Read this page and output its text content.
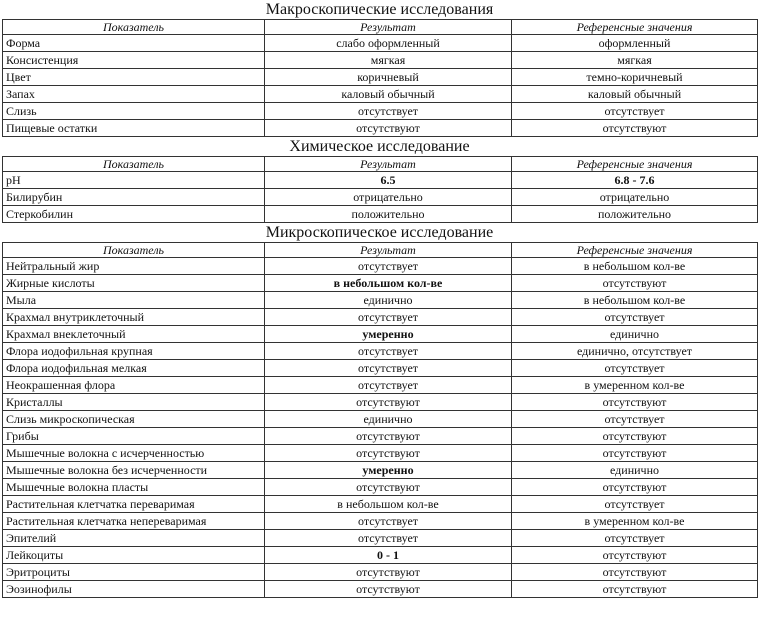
Макроскопические исследования
Показатель	Результат	Референсные значения
Форма	слабо оформленный	оформленный
Консистенция	мягкая	мягкая
Цвет	коричневый	темно-коричневый
Запах	каловый обычный	каловый обычный
Слизь	отсутствует	отсутствует
Пищевые остатки	отсутствуют	отсутствуют
Химическое исследование
Показатель	Результат	Референсные значения
pH	6.5	6.8 - 7.6
Билирубин	отрицательно	отрицательно
Стеркобилин	положительно	положительно
Микроскопическое исследование
Показатель	Результат	Референсные значения
Нейтральный жир	отсутствует	в небольшом кол-ве
Жирные кислоты	в небольшом кол-ве	отсутствуют
Мыла	единично	в небольшом кол-ве
Крахмал внутриклеточный	отсутствует	отсутствует
Крахмал внеклеточный	умеренно	единично
Флора иодофильная крупная	отсутствует	единично, отсутствует
Флора иодофильная мелкая	отсутствует	отсутствует
Неокрашенная флора	отсутствует	в умеренном кол-ве
Кристаллы	отсутствуют	отсутствуют
Слизь микроскопическая	единично	отсутствует
Грибы	отсутствуют	отсутствуют
Мышечные волокна с исчерченностью	отсутствуют	отсутствуют
Мышечные волокна без исчерченности	умеренно	единично
Мышечные волокна пласты	отсутствуют	отсутствуют
Растительная клетчатка переваримая	в небольшом кол-ве	отсутствует
Растительная клетчатка непереваримая	отсутствует	в умеренном кол-ве
Эпителий	отсутствует	отсутствует
Лейкоциты	0 - 1	отсутствуют
Эритроциты	отсутствуют	отсутствуют
Эозинофилы	отсутствуют	отсутствуют
